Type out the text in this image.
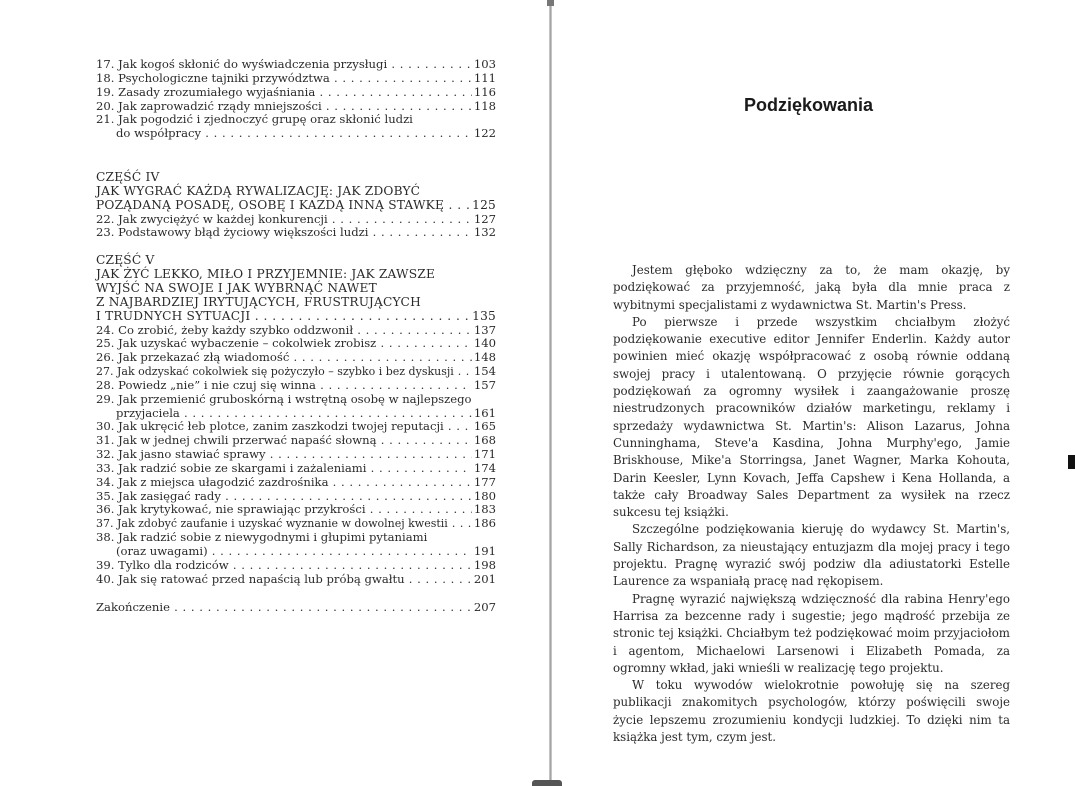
17. Jak kogoś skłonić do wyświadczenia przysługi . . .	103
18. Psychologiczne tajniki przywództwa . . .	111
19. Zasady zrozumiałego wyjaśniania . . .	116
20. Jak zaprowadzić rządy mniejszości . . .	118
21. Jak pogodzić i zjednoczyć grupę oraz skłonić ludzi
do współpracy . . .	122
CZĘŚĆ IV
JAK WYGRAĆ KAŻDĄ RYWALIZACJĘ: JAK ZDOBYĆ
POŻĄDANĄ POSADĘ, OSOBĘ I KAŻDĄ INNĄ STAWKĘ . . .	125
22. Jak zwyciężyć w każdej konkurencji . . .	127
23. Podstawowy błąd życiowy większości ludzi . . .	132
CZĘŚĆ V
JAK ŻYĆ LEKKO, MIŁO I PRZYJEMNIE: JAK ZAWSZE
WYJŚĆ NA SWOJE I JAK WYBRNĄĆ NAWET
Z NAJBARDZIEJ IRYTUJĄCYCH, FRUSTRUJĄCYCH
I TRUDNYCH SYTUACJI . . .	135
24. Co zrobić, żeby każdy szybko oddzwonił . . .	137
25. Jak uzyskać wybaczenie – cokolwiek zrobisz . . .	140
26. Jak przekazać złą wiadomość . . .	148
27. Jak odzyskać cokolwiek się pożyczyło – szybko i bez dyskusji . . .	154
28. Powiedz „nie” i nie czuj się winna . . .	157
29. Jak przemienić gruboskórną i wstrętną osobę w najlepszego
przyjaciela . . .	161
30. Jak ukręcić łeb plotce, zanim zaszkodzi twojej reputacji . . .	165
31. Jak w jednej chwili przerwać napaść słowną . . .	168
32. Jak jasno stawiać sprawy . . .	171
33. Jak radzić sobie ze skargami i zażaleniami . . .	174
34. Jak z miejsca ułagodzić zazdrośnika . . .	177
35. Jak zasięgać rady . . .	180
36. Jak krytykować, nie sprawiając przykrości . . .	183
37. Jak zdobyć zaufanie i uzyskać wyznanie w dowolnej kwestii . . .	186
38. Jak radzić sobie z niewygodnymi i głupimi pytaniami
(oraz uwagami) . . .	191
39. Tylko dla rodziców . . .	198
40. Jak się ratować przed napaścią lub próbą gwałtu . . .	201
Zakończenie . . .	207
Podziękowania

Jestem głęboko wdzięczny za to, że mam okazję, by podziękować za przyjemność, jaką była dla mnie praca z wybitnymi specjalistami z wydawnictwa St. Martin's Press.

Po pierwsze i przede wszystkim chciałbym złożyć podziękowanie executive editor Jennifer Enderlin. Każdy autor powinien mieć okazję współpracować z osobą równie oddaną swojej pracy i utalentowaną. O przyjęcie równie gorących podziękowań za ogromny wysiłek i zaangażowanie proszę niestrudzonych pracowników działów marketingu, reklamy i sprzedaży wydawnictwa St. Martin's: Alison Lazarus, Johna Cunninghama, Steve'a Kasdina, Johna Murphy'ego, Jamie Briskhouse, Mike'a Storringsa, Janet Wagner, Marka Kohouta, Darin Keesler, Lynn Kovach, Jeffa Capshew i Kena Hollanda, a także cały Broadway Sales Department za wysiłek na rzecz sukcesu tej książki.

Szczególne podziękowania kieruję do wydawcy St. Martin's, Sally Richardson, za nieustający entuzjazm dla mojej pracy i tego projektu. Pragnę wyrazić swój podziw dla adiustatorki Estelle Laurence za wspaniałą pracę nad rękopisem.

Pragnę wyrazić największą wdzięczność dla rabina Henry'ego Harrisa za bezcenne rady i sugestie; jego mądrość przebija ze stronic tej książki. Chciałbym też podziękować moim przyjaciołom i agentom, Michaelowi Larsenowi i Elizabeth Pomada, za ogromny wkład, jaki wnieśli w realizację tego projektu.

W toku wywodów wielokrotnie powołuję się na szereg publikacji znakomitych psychologów, którzy poświęcili swoje życie lepszemu zrozumieniu kondycji ludzkiej. To dzięki nim ta książka jest tym, czym jest.
